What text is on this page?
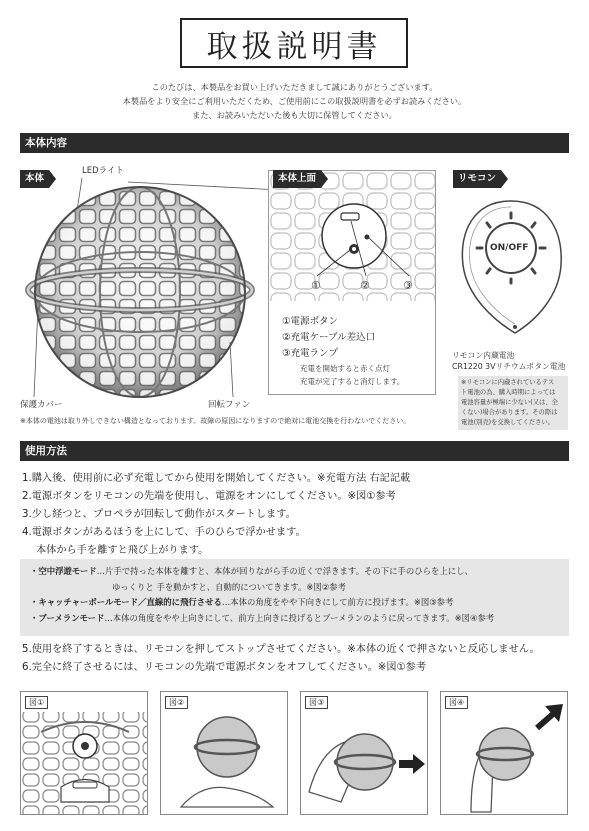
取扱説明書
このたびは、本製品をお買い上げいただきまして誠にありがとうございます。
本製品をより安全にご利用いただくため、ご使用前にこの取扱説明書を必ずお読みください。
また、お読みいただいた後も大切に保管してください。
本体内容
本体
LEDライト
保護カバー	回転ファン
①	②	③
本体上面
①電源ボタン
②充電ケーブル差込口
③充電ランプ
充電を開始すると赤く点灯
充電が完了すると消灯します。
リモコン
ON/OFF
リモコン内蔵電池
CR1220 3Vリチウムボタン電池
※リモコンに内蔵されているテス
ト電池の為、購入時期によっては
電池容量が極端に少ない(又は、全
くない)場合があります。その際は
電池(別売)を交換してください。
※本体の電池は取り外しできない構造となっております。故障の原因になりますので絶対に電池交換を行わないでください。
使用方法
1.購入後、使用前に必ず充電してから使用を開始してください。※充電方法 右記記載
2.電源ボタンをリモコンの先端を使用し、電源をオンにしてください。※図①参考
3.少し経つと、プロペラが回転して動作がスタートします。
4.電源ボタンがあるほうを上にして、手のひらで浮かせます。
本体から手を離すと飛び上がります。
・空中浮遊モード…片手で持った本体を離すと、本体が回りながら手の近くで浮きます。その下に手のひらを上にし、
ゆっくりと 手を動かすと、自動的についてきます。※図②参考
・キャッチャーボールモード／直線的に飛行させる…本体の角度をやや下向きにして前方に投げます。※図③参考
・ブーメランモード…本体の角度をやや上向きにして、前方上向きに投げるとブーメランのように戻ってきます。※図④参考
5.使用を終了するときは、リモコンを押してストップさせてください。※本体の近くで押さないと反応しません。
6.完全に終了させるには、リモコンの先端で電源ボタンをオフしてください。※図①参考
図①	図②	図③	図④
